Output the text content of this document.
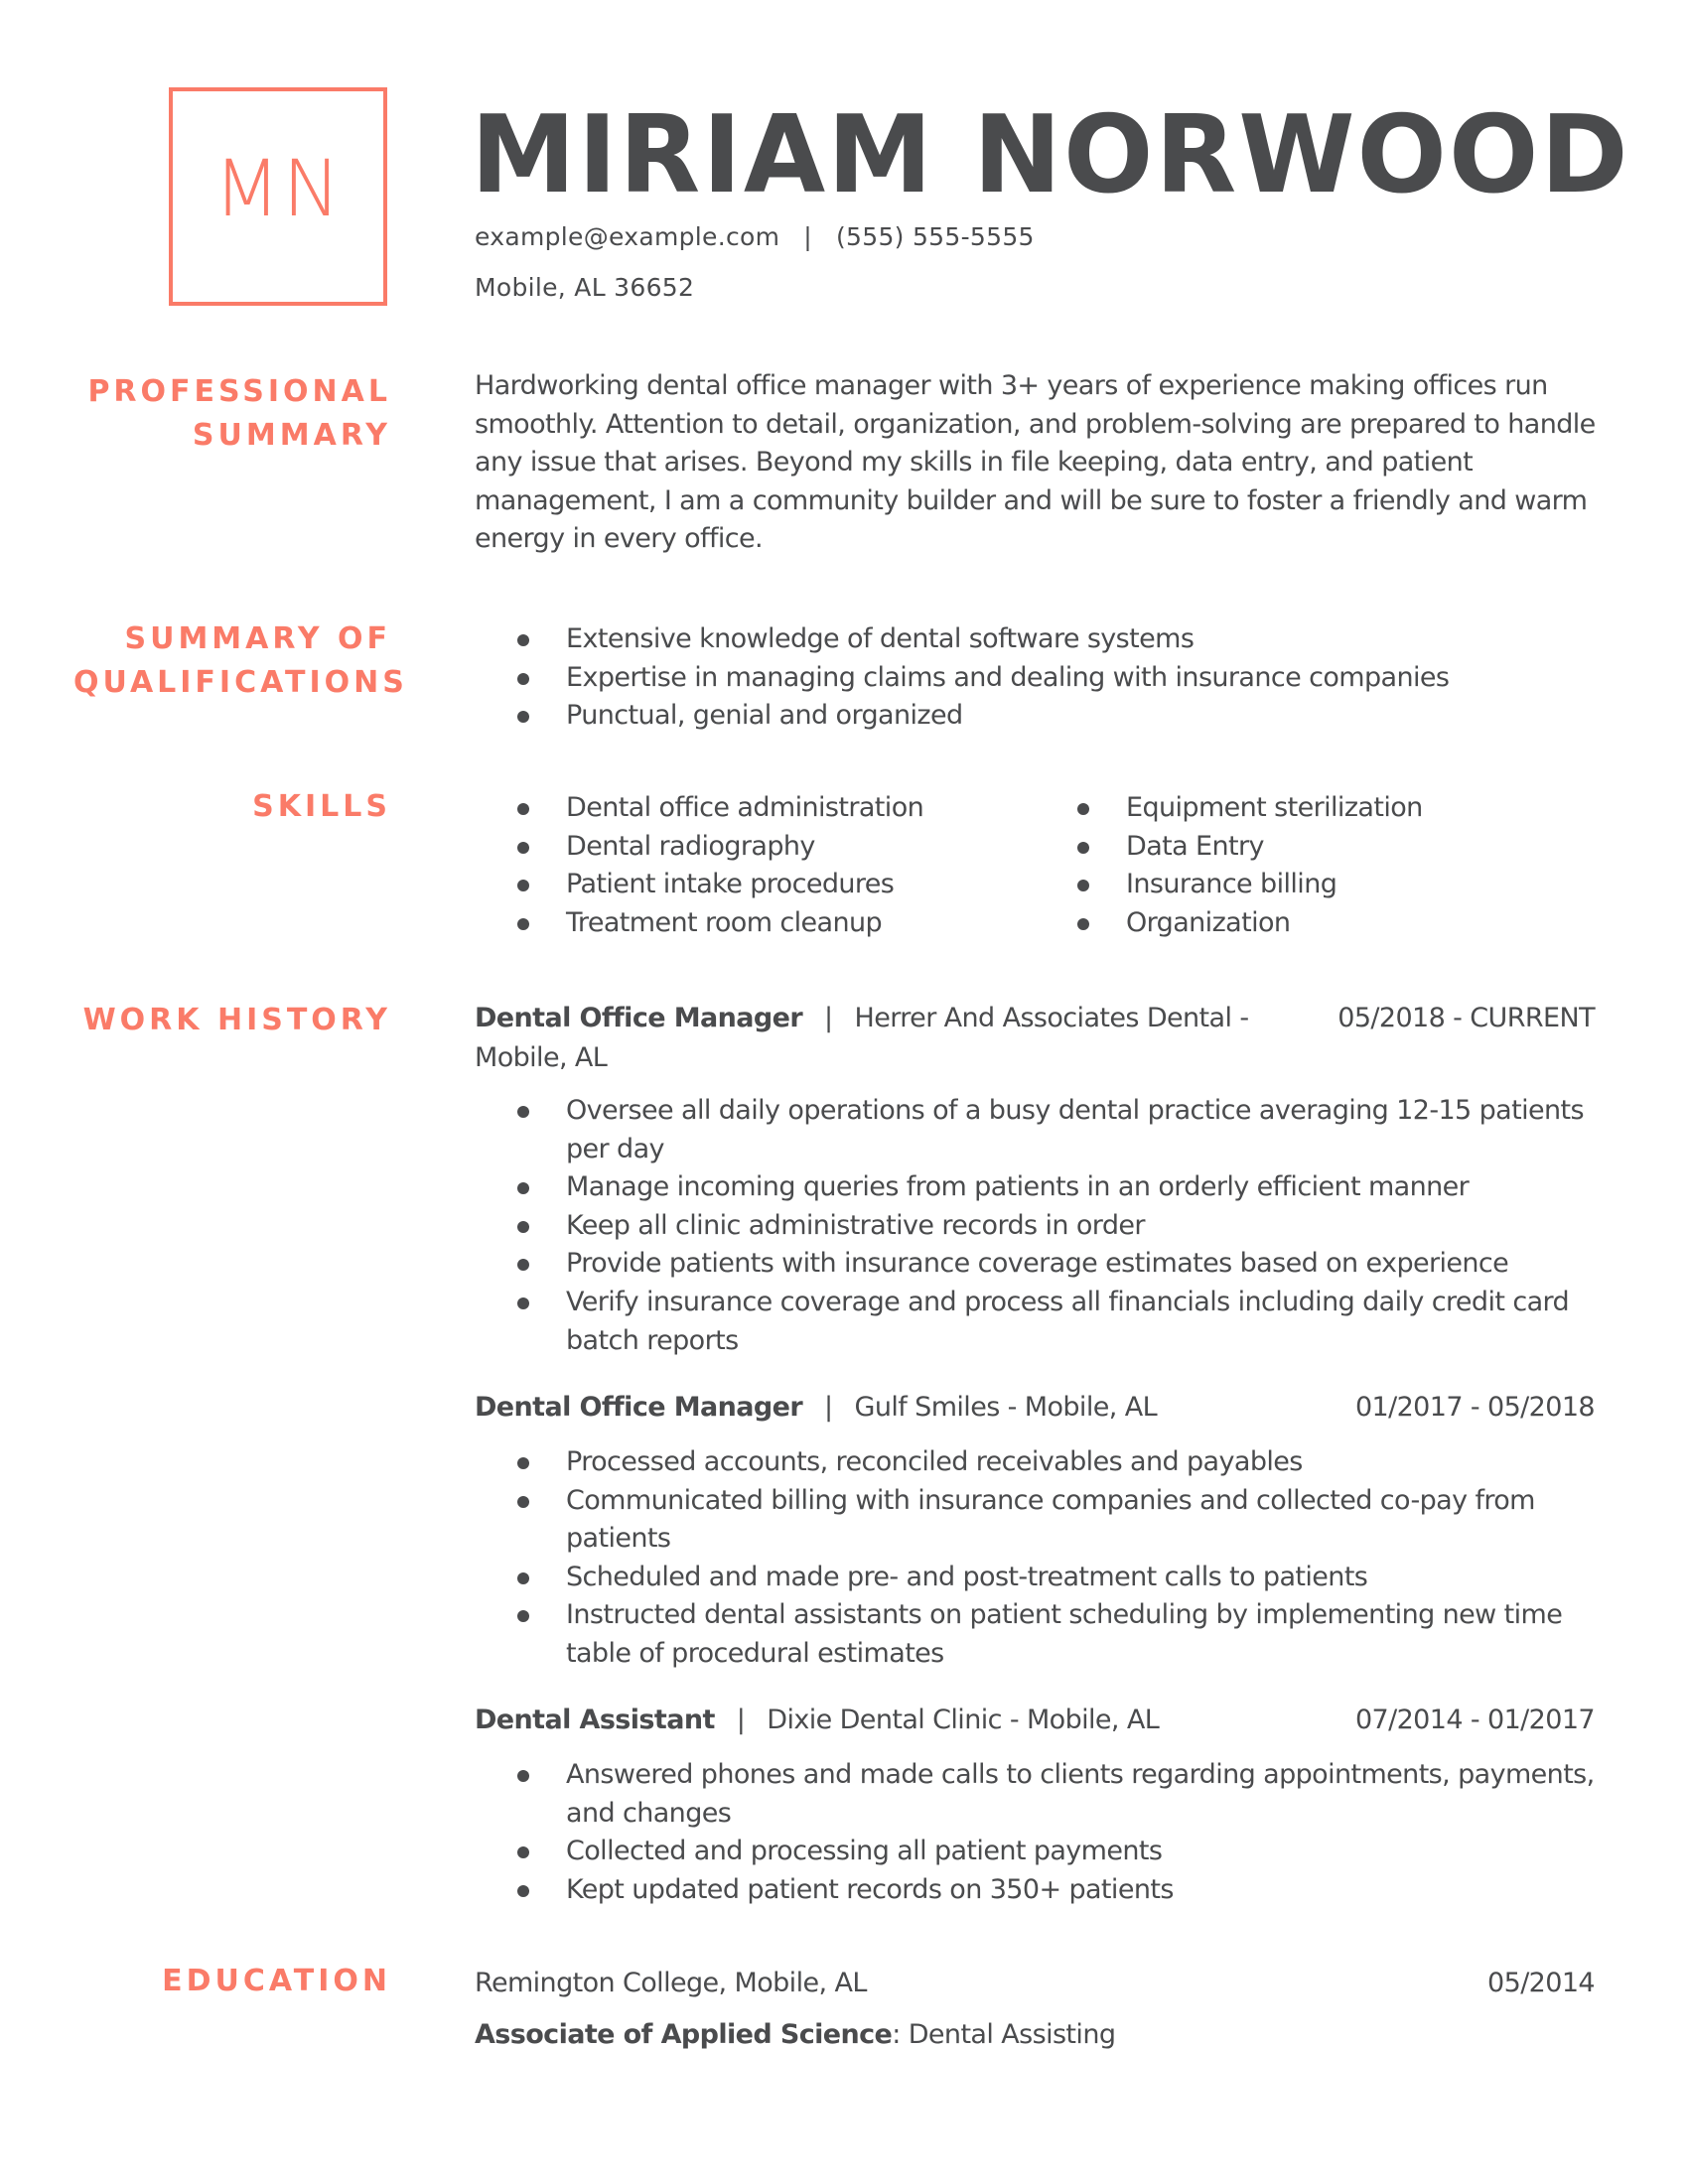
MN	MIRIAM NORWOOD
example@example.com | (555) 555-5555
Mobile, AL 36652
PROFESSIONAL
SUMMARY
Hardworking dental office manager with 3+ years of experience making offices run smoothly. Attention to detail, organization, and problem-solving are prepared to handle any issue that arises. Beyond my skills in file keeping, data entry, and patient management, I am a community builder and will be sure to foster a friendly and warm energy in every office.
SUMMARY OF
QUALIFICATIONS
Extensive knowledge of dental software systems
Expertise in managing claims and dealing with insurance companies
Punctual, genial and organized
SKILLS	Dental office administration
Dental radiography
Patient intake procedures
Treatment room cleanup
Equipment sterilization
Data Entry
Insurance billing
Organization
WORK HISTORY	Dental Office Manager | Herrer And Associates Dental -	05/2018 - CURRENT
Mobile, AL
Oversee all daily operations of a busy dental practice averaging 12-15 patients per day
Manage incoming queries from patients in an orderly efficient manner
Keep all clinic administrative records in order
Provide patients with insurance coverage estimates based on experience
Verify insurance coverage and process all financials including daily credit card batch reports
Dental Office Manager | Gulf Smiles - Mobile, AL	01/2017 - 05/2018
Processed accounts, reconciled receivables and payables
Communicated billing with insurance companies and collected co-pay from patients
Scheduled and made pre- and post-treatment calls to patients
Instructed dental assistants on patient scheduling by implementing new time table of procedural estimates
Dental Assistant | Dixie Dental Clinic - Mobile, AL	07/2014 - 01/2017
Answered phones and made calls to clients regarding appointments, payments, and changes
Collected and processing all patient payments
Kept updated patient records on 350+ patients
EDUCATION	Remington College, Mobile, AL	05/2014
Associate of Applied Science: Dental Assisting
